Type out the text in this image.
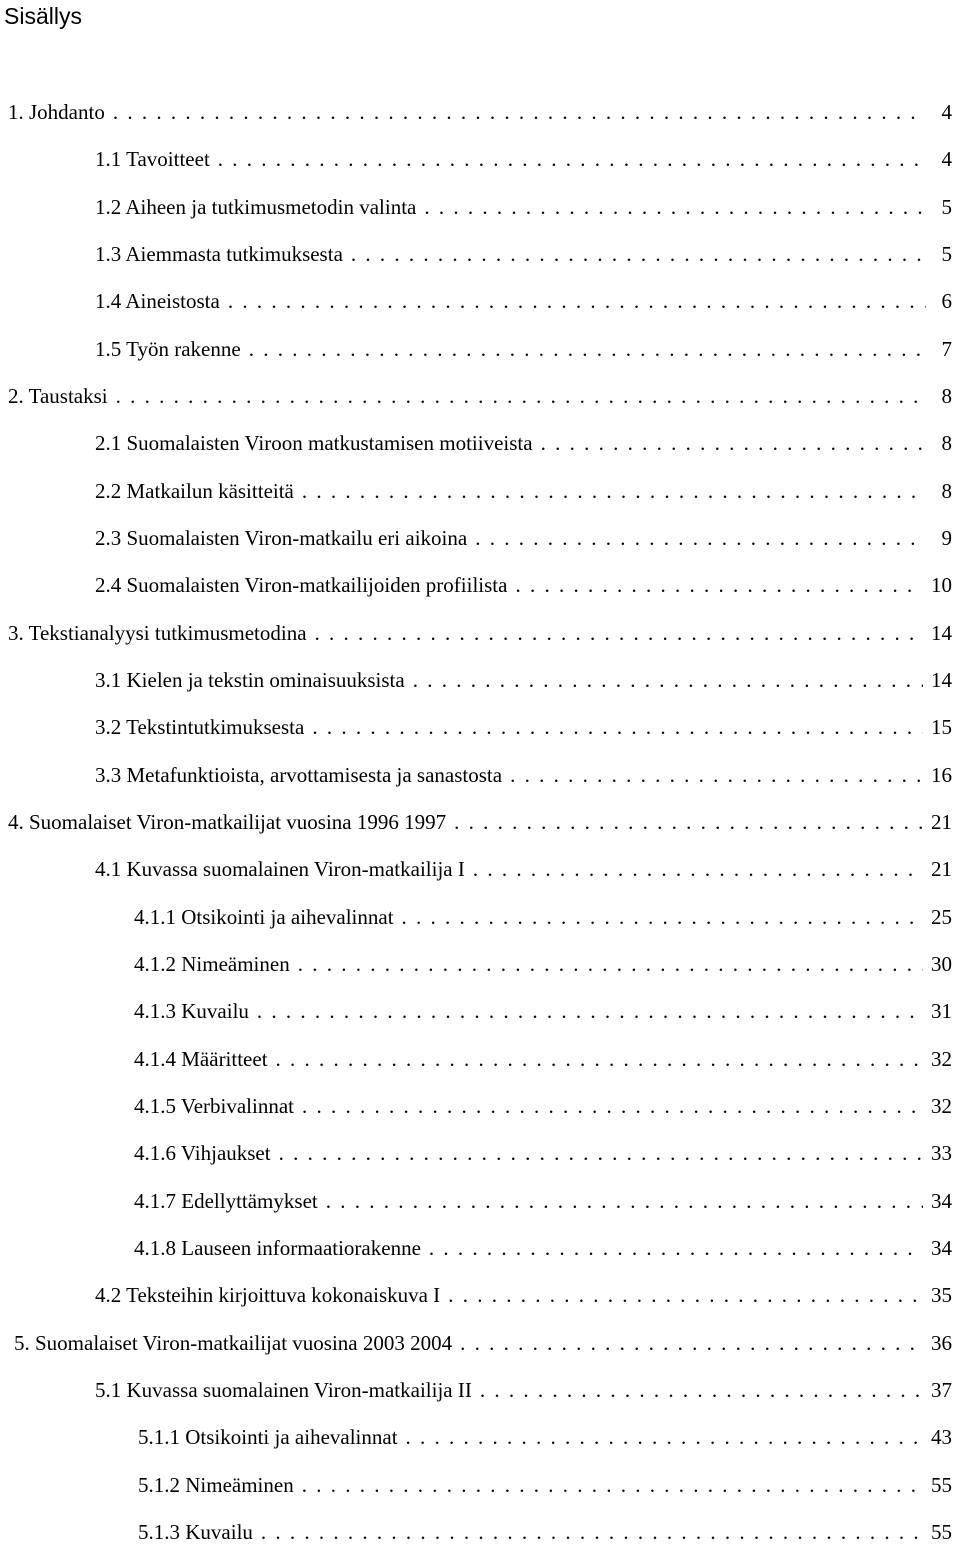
Sisällys
1. Johdanto . . .	4
1.1 Tavoitteet . . .	4
1.2 Aiheen ja tutkimusmetodin valinta . . .	5
1.3 Aiemmasta tutkimuksesta . . .	5
1.4 Aineistosta . . .	6
1.5 Työn rakenne . . .	7
2. Taustaksi . . .	8
2.1 Suomalaisten Viroon matkustamisen motiiveista . . .	8
2.2 Matkailun käsitteitä . . .	8
2.3 Suomalaisten Viron-matkailu eri aikoina . . .	9
2.4 Suomalaisten Viron-matkailijoiden profiilista . . .	10
3. Tekstianalyysi tutkimusmetodina . . .	14
3.1 Kielen ja tekstin ominaisuuksista . . .	14
3.2 Tekstintutkimuksesta . . .	15
3.3 Metafunktioista, arvottamisesta ja sanastosta . . .	16
4. Suomalaiset Viron-matkailijat vuosina 1996 1997 . . .	21
4.1 Kuvassa suomalainen Viron-matkailija I . . .	21
4.1.1 Otsikointi ja aihevalinnat . . .	25
4.1.2 Nimeäminen . . .	30
4.1.3 Kuvailu . . .	31
4.1.4 Määritteet . . .	32
4.1.5 Verbivalinnat . . .	32
4.1.6 Vihjaukset . . .	33
4.1.7 Edellyttämykset . . .	34
4.1.8 Lauseen informaatiorakenne . . .	34
4.2 Teksteihin kirjoittuva kokonaiskuva I . . .	35
5. Suomalaiset Viron-matkailijat vuosina 2003 2004 . . .	36
5.1 Kuvassa suomalainen Viron-matkailija II . . .	37
5.1.1 Otsikointi ja aihevalinnat . . .	43
5.1.2 Nimeäminen . . .	55
5.1.3 Kuvailu . . .	55
